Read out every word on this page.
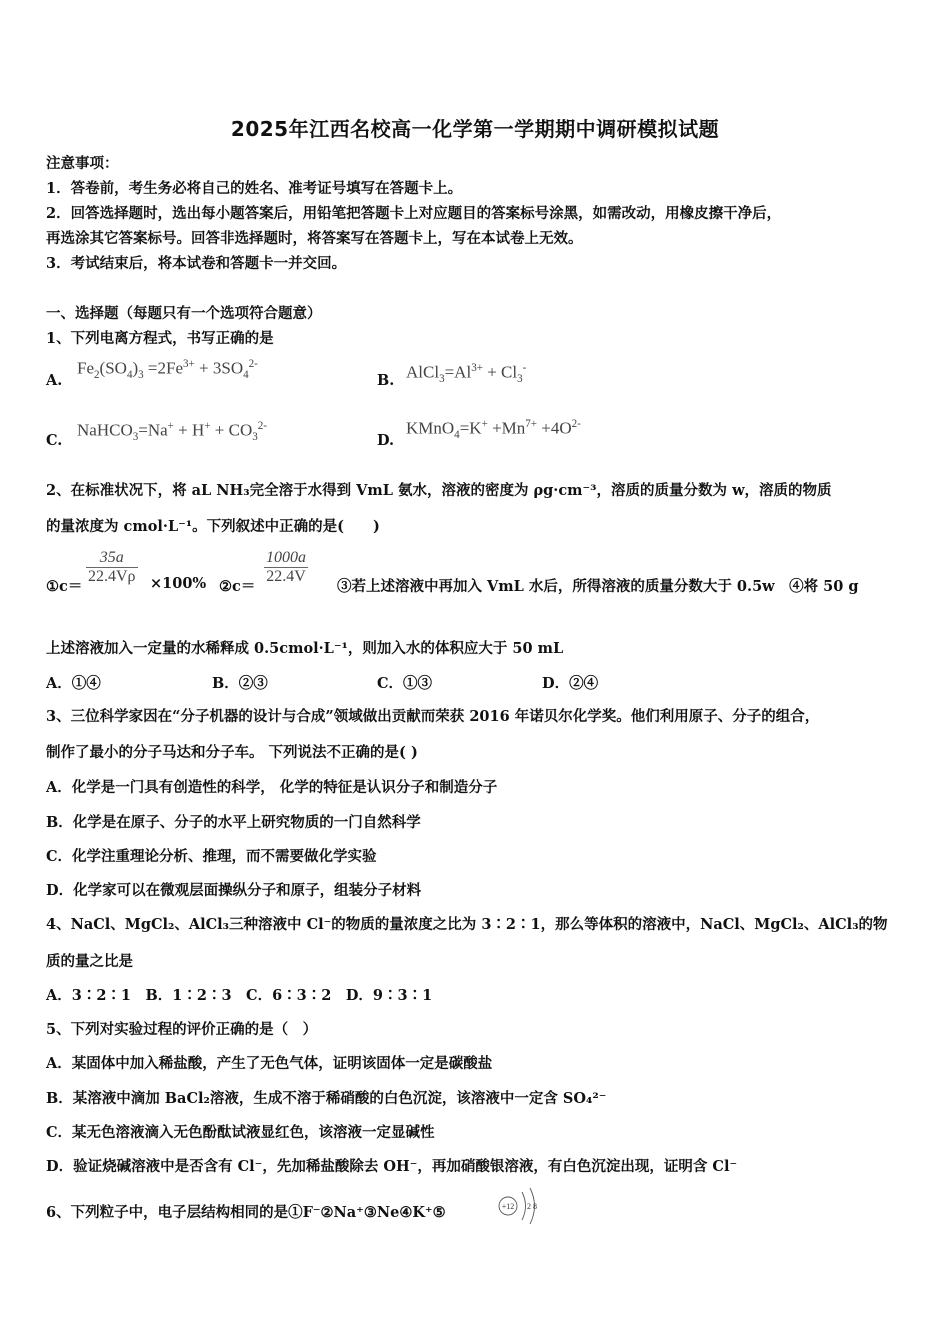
2025年江西名校高一化学第一学期期中调研模拟试题
注意事项：
1．答卷前，考生务必将自己的姓名、准考证号填写在答题卡上。
2．回答选择题时，选出每小题答案后，用铅笔把答题卡上对应题目的答案标号涂黑，如需改动，用橡皮擦干净后，
再选涂其它答案标号。回答非选择题时，将答案写在答题卡上，写在本试卷上无效。
3．考试结束后，将本试卷和答题卡一并交回。
一、选择题（每题只有一个选项符合题意）
1、下列电离方程式，书写正确的是
A.
$Fe_2(SO_4)_3 =2Fe^{3+} + 3SO_4^{2-}$
B. $AlCl_3=Al^{3+} + Cl_3^-$
C.
NaHCO$_3$=Na+ + $H^+ + CO_3^{2-}$
D.
KMnO$_4$=K+ $+Mn^{7+} +4O^{2-}$
2、在标准状况下，将 aL NH₃完全溶于水得到 VmL 氨水，溶液的密度为 ρg·cm⁻³，溶质的质量分数为 w，溶质的物质
的量浓度为 cmol·L⁻¹。下列叙述中正确的是(　　)
①c＝
$\frac{35a}{22.4V\rho} \times 100\%$ ②c＝
$\frac{1000a}{22.4V}$
③若上述溶液中再加入 VmL 水后，所得溶液的质量分数大于 0.5w　④将 50 g
上述溶液加入一定量的水稀释成 0.5cmol·L⁻¹，则加入水的体积应大于 50 mL
A．①④	B．②③	C．①③	D．②④
3、三位科学家因在“分子机器的设计与合成”领域做出贡献而荣获 2016 年诺贝尔化学奖。他们利用原子、分子的组合，
制作了最小的分子马达和分子车。 下列说法不正确的是( )
A．化学是一门具有创造性的科学， 化学的特征是认识分子和制造分子
B．化学是在原子、分子的水平上研究物质的一门自然科学
C．化学注重理论分析、推理，而不需要做化学实验
D．化学家可以在微观层面操纵分子和原子，组装分子材料
4、NaCl、MgCl₂、AlCl₃三种溶液中 Cl⁻的物质的量浓度之比为 3∶2∶1，那么等体积的溶液中，NaCl、MgCl₂、AlCl₃的物
质的量之比是
A．3∶2∶1　B．1∶2∶3　C．6∶3∶2　D．9∶3∶1
5、下列对实验过程的评价正确的是（　）
A．某固体中加入稀盐酸，产生了无色气体，证明该固体一定是碳酸盐
B．某溶液中滴加 BaCl₂溶液，生成不溶于稀硝酸的白色沉淀，该溶液中一定含 SO₄²⁻
C．某无色溶液滴入无色酚酞试液显红色，该溶液一定显碱性
D．验证烧碱溶液中是否含有 Cl⁻，先加稀盐酸除去 OH⁻，再加硝酸银溶液，有白色沉淀出现，证明含 Cl⁻
6、下列粒子中，电子层结构相同的是①F⁻②Na⁺③Ne④K⁺⑤	+12 2 8
